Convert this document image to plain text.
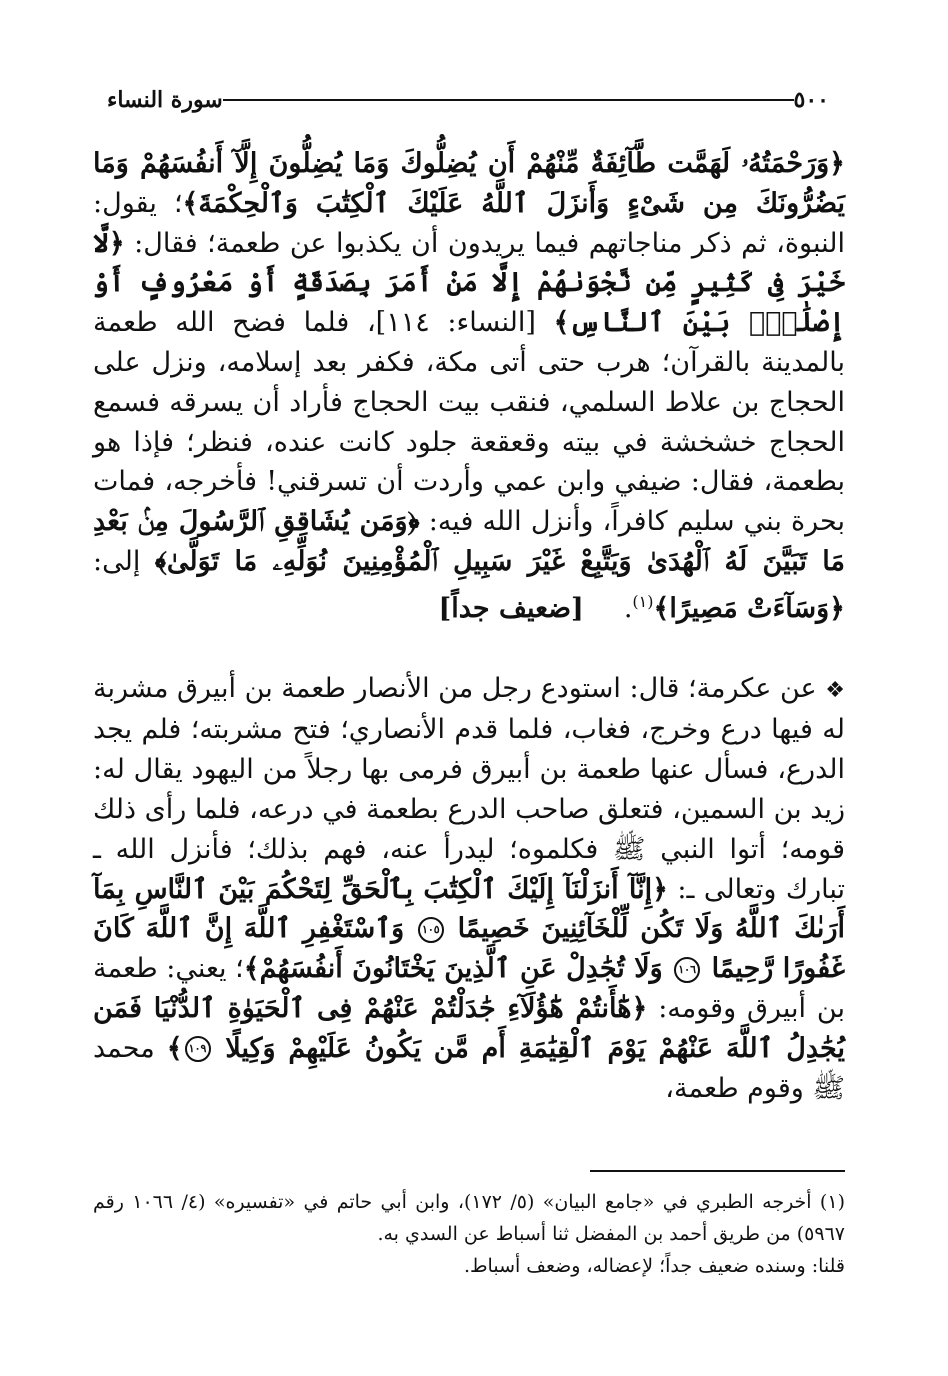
٥٠٠
سورة النساء

﴿وَرَحْمَتُهُۥ لَهَمَّت طَّآئِفَةٌ مِّنْهُمْ أَن يُضِلُّوكَ وَمَا يُضِلُّونَ إِلَّآ أَنفُسَهُمْ وَمَا يَضُرُّونَكَ مِن شَىْءٍ وَأَنزَلَ ٱللَّهُ عَلَيْكَ ٱلْكِتَٰبَ وَٱلْحِكْمَةَ﴾؛ يقول: النبوة، ثم ذكر مناجاتهم فيما يريدون أن يكذبوا عن طعمة؛ فقال: ﴿لَّا خَيْرَ فِى كَثِيرٍ مِّن نَّجْوَىٰهُمْ إِلَّا مَنْ أَمَرَ بِصَدَقَةٍ أَوْ مَعْرُوفٍ أَوْ إِصْلَٰحٍۭ بَيْنَ ٱلنَّاسِ﴾ [النساء: ١١٤]، فلما فضح الله طعمة بالمدينة بالقرآن؛ هرب حتى أتى مكة، فكفر بعد إسلامه، ونزل على الحجاج بن علاط السلمي، فنقب بيت الحجاج فأراد أن يسرقه فسمع الحجاج خشخشة في بيته وقعقعة جلود كانت عنده، فنظر؛ فإذا هو بطعمة، فقال: ضيفي وابن عمي وأردت أن تسرقني! فأخرجه، فمات بحرة بني سليم كافراً، وأنزل الله فيه: ﴿وَمَن يُشَاقِقِ ٱلرَّسُولَ مِنۢ بَعْدِ مَا تَبَيَّنَ لَهُ ٱلْهُدَىٰ وَيَتَّبِعْ غَيْرَ سَبِيلِ ٱلْمُؤْمِنِينَ نُوَلِّهِۦ مَا تَوَلَّىٰ﴾ إلى: ﴿وَسَآءَتْ مَصِيرًا﴾$^{(١)}$.[ضعيف جداً]

❖ عن عكرمة؛ قال: استودع رجل من الأنصار طعمة بن أبيرق مشربة له فيها درع وخرج، فغاب، فلما قدم الأنصاري؛ فتح مشربته؛ فلم يجد الدرع، فسأل عنها طعمة بن أبيرق فرمى بها رجلاً من اليهود يقال له: زيد بن السمين، فتعلق صاحب الدرع بطعمة في درعه، فلما رأى ذلك قومه؛ أتوا النبي ﷺ فكلموه؛ ليدرأ عنه، فهم بذلك؛ فأنزل الله ـ تبارك وتعالى ـ: ﴿إِنَّآ أَنزَلْنَآ إِلَيْكَ ٱلْكِتَٰبَ بِٱلْحَقِّ لِتَحْكُمَ بَيْنَ ٱلنَّاسِ بِمَآ أَرَىٰكَ ٱللَّهُ وَلَا تَكُن لِّلْخَآئِنِينَ خَصِيمًا ١٠٥ وَٱسْتَغْفِرِ ٱللَّهَ إِنَّ ٱللَّهَ كَانَ غَفُورًا رَّحِيمًا ١٠٦ وَلَا تُجَٰدِلْ عَنِ ٱلَّذِينَ يَخْتَانُونَ أَنفُسَهُمْ﴾؛ يعني: طعمة بن أبيرق وقومه: ﴿هَٰٓأَنتُمْ هَٰٓؤُلَآءِ جَٰدَلْتُمْ عَنْهُمْ فِى ٱلْحَيَوٰةِ ٱلدُّنْيَا فَمَن يُجَٰدِلُ ٱللَّهَ عَنْهُمْ يَوْمَ ٱلْقِيَٰمَةِ أَم مَّن يَكُونُ عَلَيْهِمْ وَكِيلًا ١٠٩﴾ محمد ﷺ وقوم طعمة،

(١) أخرجه الطبري في «جامع البيان» (٥/ ١٧٢)، وابن أبي حاتم في «تفسيره» (٤/ ١٠٦٦ رقم ٥٩٦٧) من طريق أحمد بن المفضل ثنا أسباط عن السدي به.

قلنا: وسنده ضعيف جداً؛ لإعضاله، وضعف أسباط.
